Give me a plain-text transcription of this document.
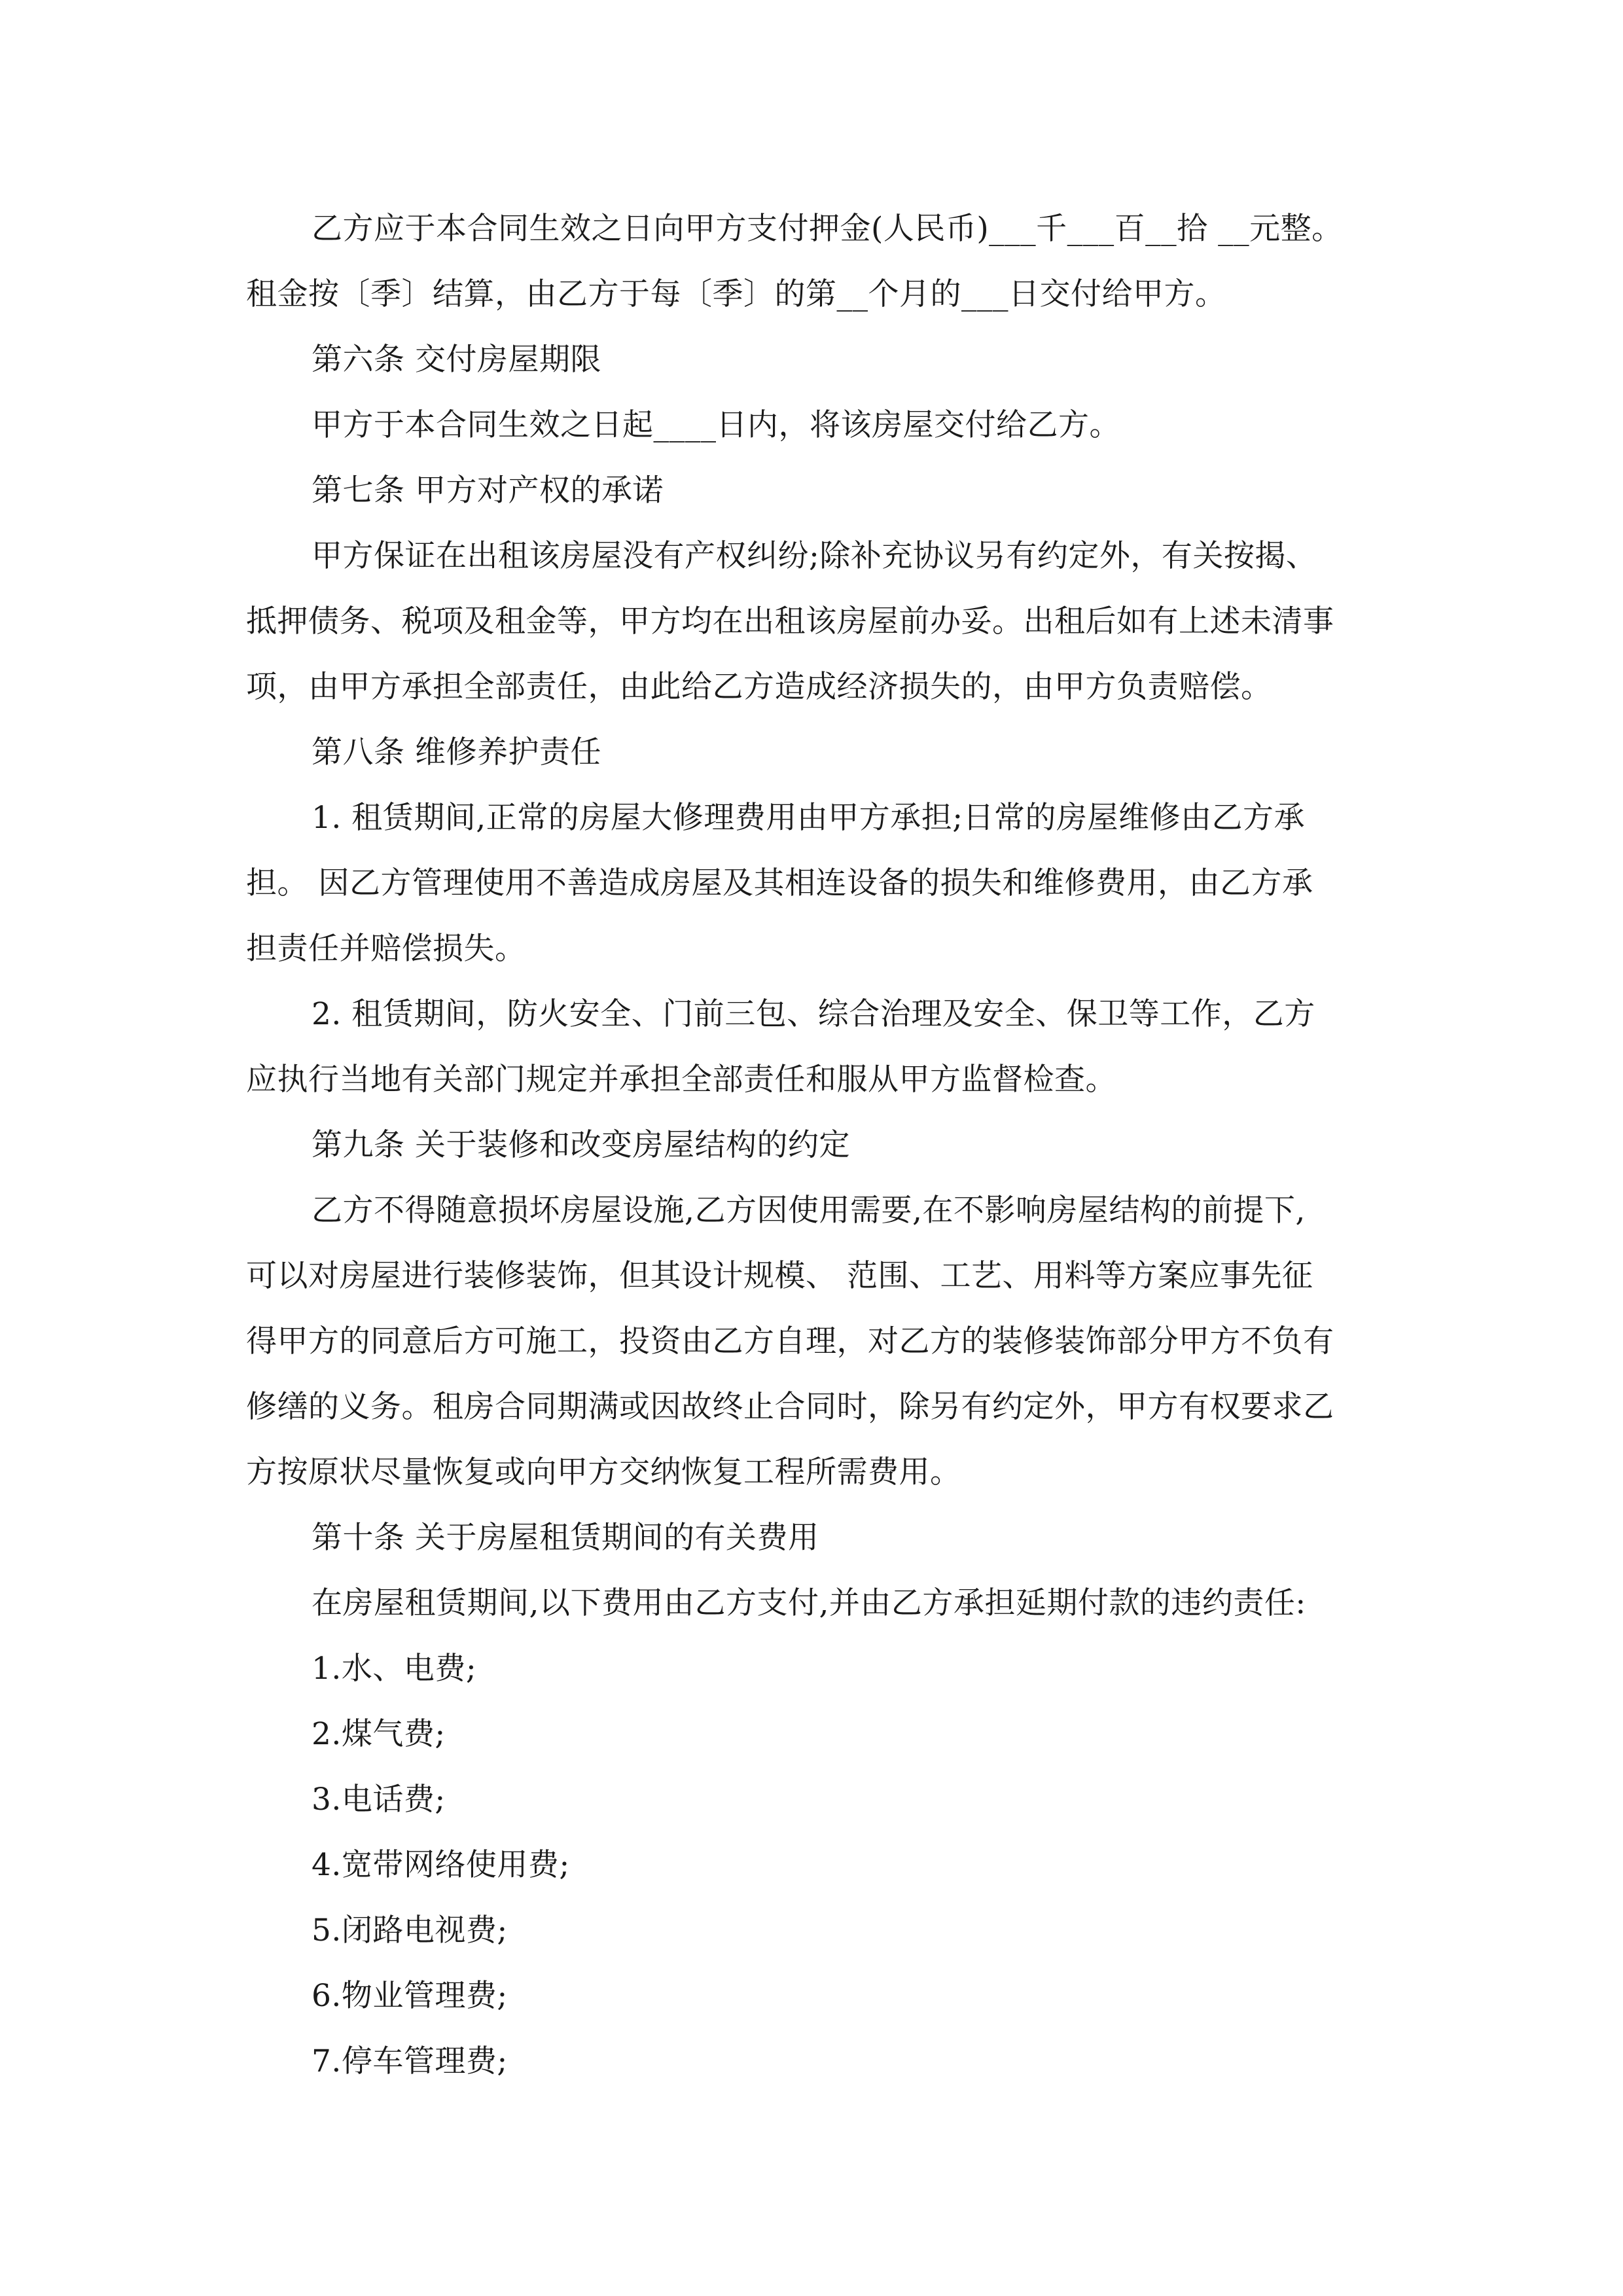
乙方应于本合同生效之日向甲方支付押金(人民币)___千___百__拾 __元整。
租金按〔季〕结算，由乙方于每〔季〕的第__个月的___日交付给甲方。

第六条 交付房屋期限

甲方于本合同生效之日起____日内，将该房屋交付给乙方。

第七条 甲方对产权的承诺

甲方保证在出租该房屋没有产权纠纷;除补充协议另有约定外，有关按揭、
抵押债务、税项及租金等，甲方均在出租该房屋前办妥。出租后如有上述未清事
项，由甲方承担全部责任，由此给乙方造成经济损失的，由甲方负责赔偿。

第八条 维修养护责任

1. 租赁期间,正常的房屋大修理费用由甲方承担;日常的房屋维修由乙方承
担。 因乙方管理使用不善造成房屋及其相连设备的损失和维修费用，由乙方承
担责任并赔偿损失。

2. 租赁期间，防火安全、门前三包、综合治理及安全、保卫等工作，乙方
应执行当地有关部门规定并承担全部责任和服从甲方监督检查。

第九条 关于装修和改变房屋结构的约定

乙方不得随意损坏房屋设施,乙方因使用需要,在不影响房屋结构的前提下,
可以对房屋进行装修装饰，但其设计规模、 范围、工艺、用料等方案应事先征
得甲方的同意后方可施工，投资由乙方自理，对乙方的装修装饰部分甲方不负有
修缮的义务。租房合同期满或因故终止合同时，除另有约定外，甲方有权要求乙
方按原状尽量恢复或向甲方交纳恢复工程所需费用。

第十条 关于房屋租赁期间的有关费用

在房屋租赁期间,以下费用由乙方支付,并由乙方承担延期付款的违约责任:

1.水、电费;

2.煤气费;

3.电话费;

4.宽带网络使用费;

5.闭路电视费;

6.物业管理费;

7.停车管理费;
